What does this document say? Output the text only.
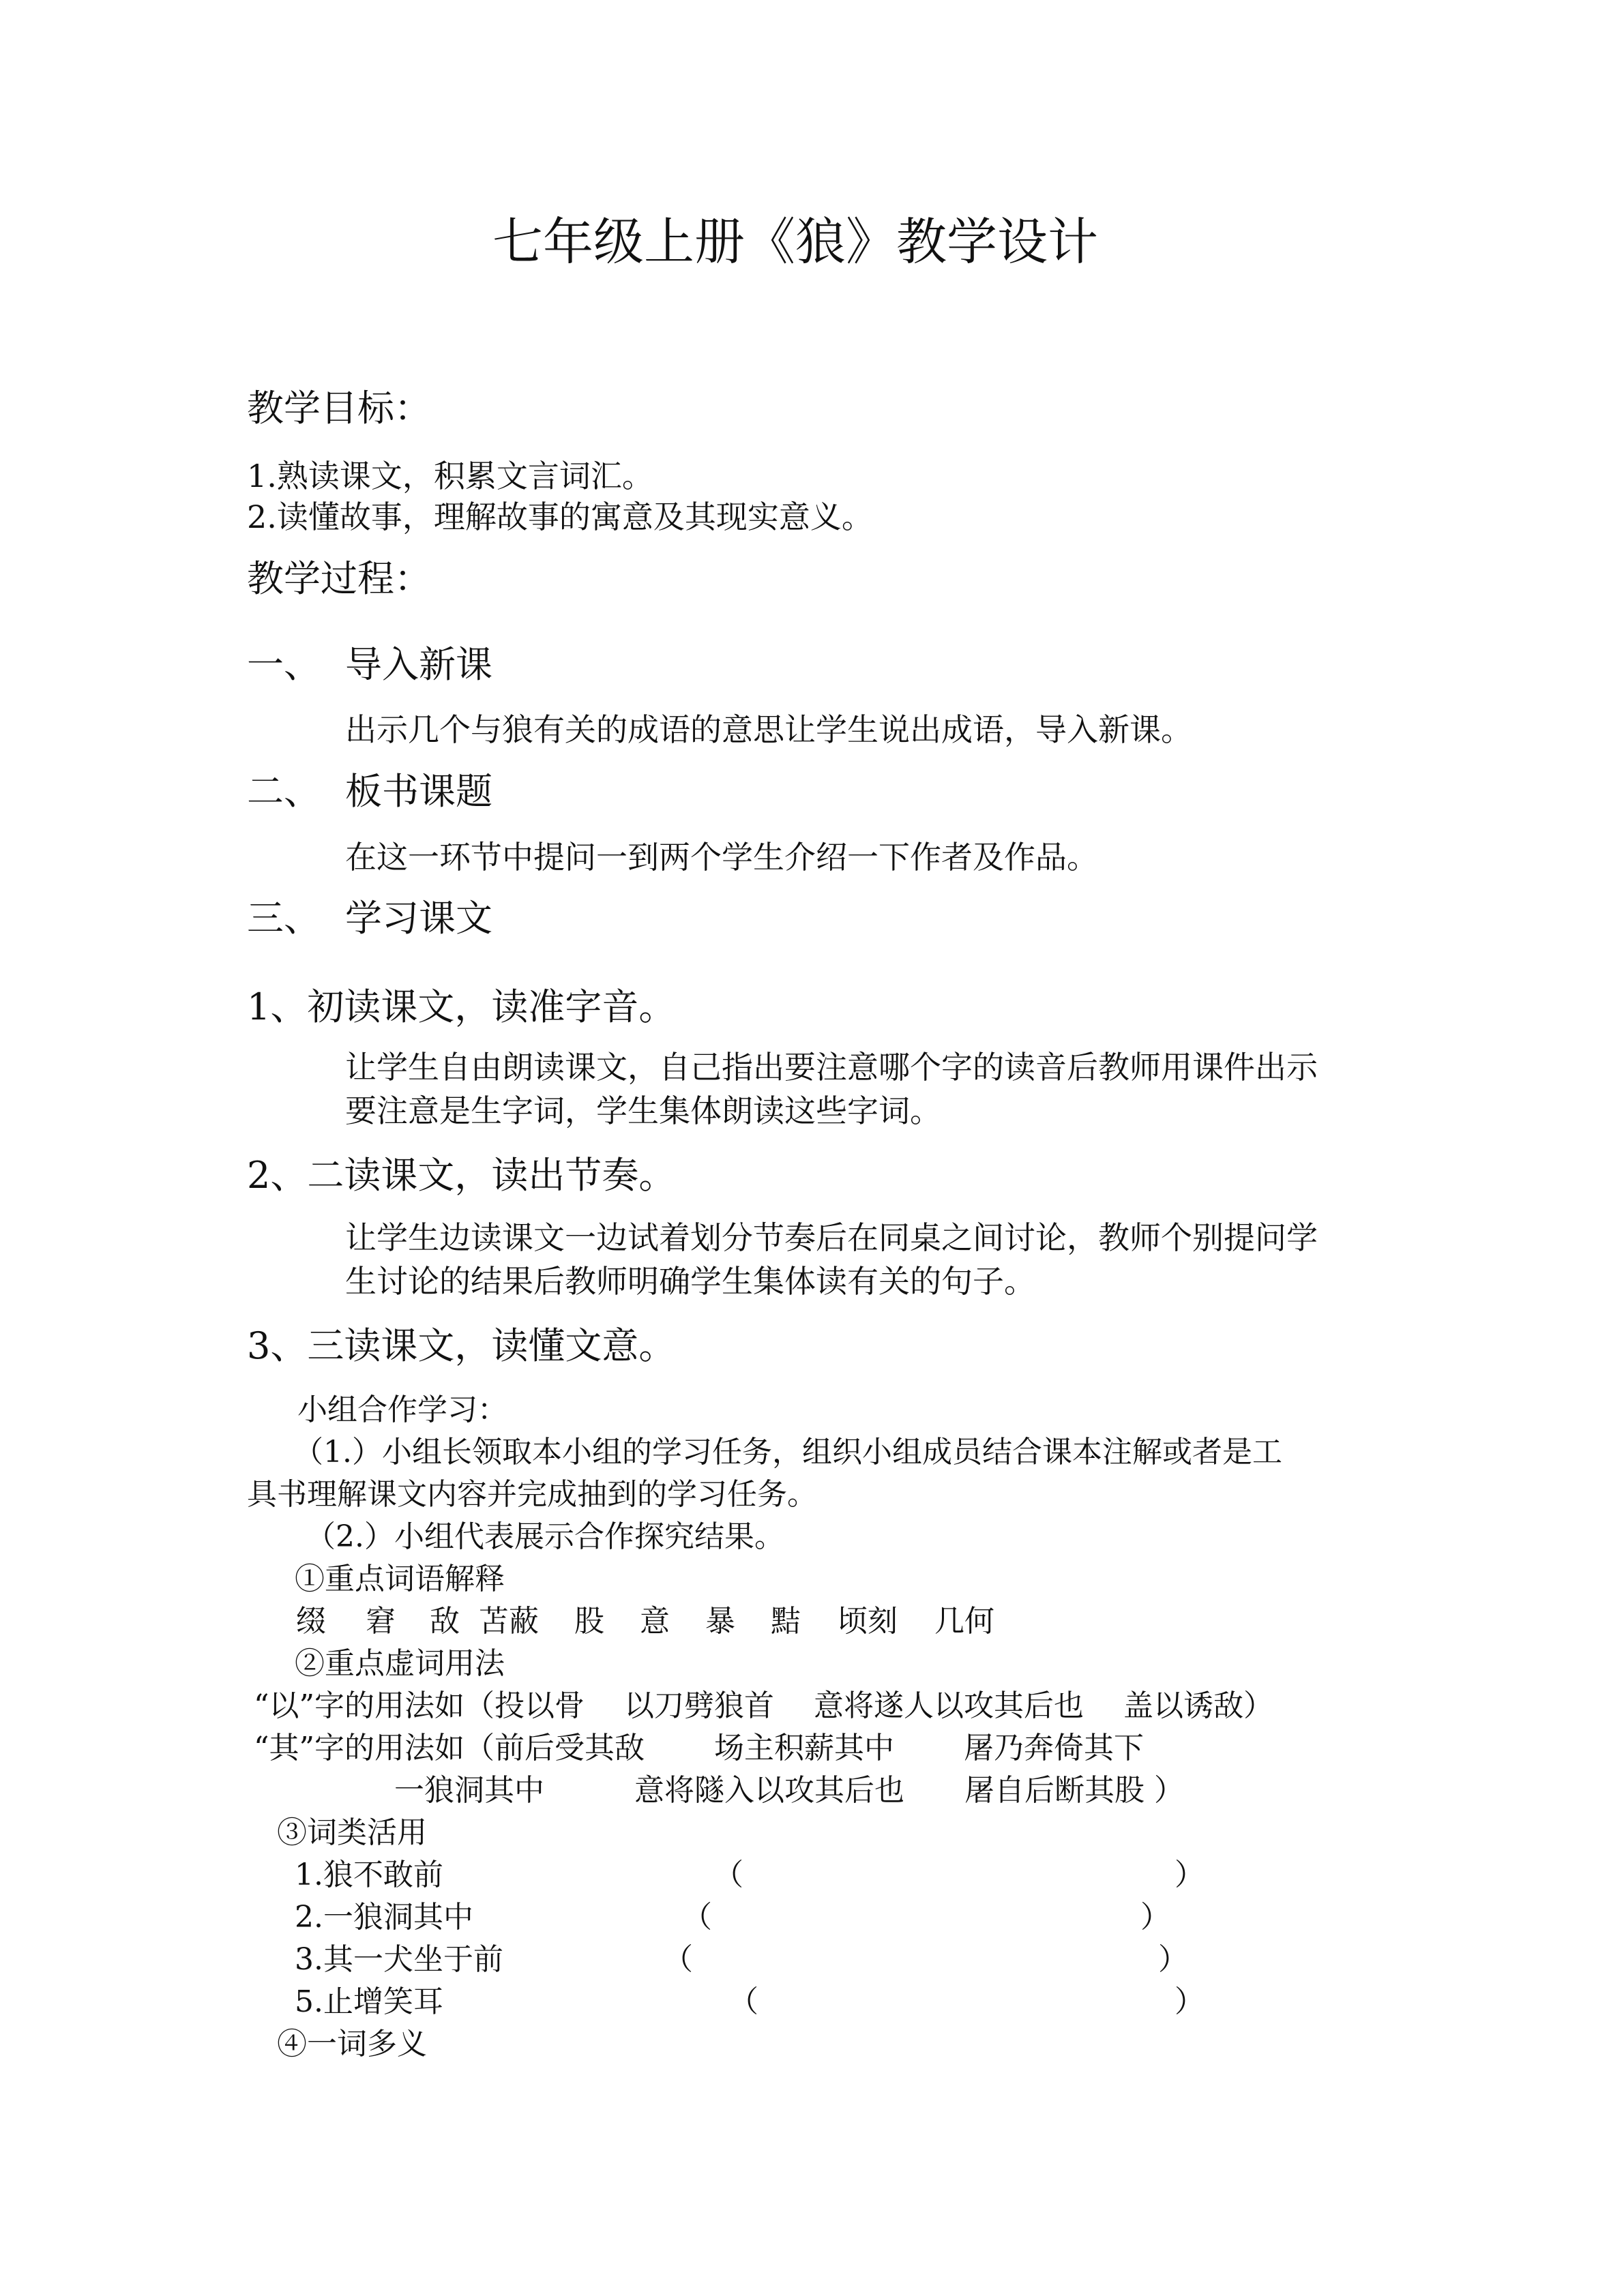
七年级上册《狼》教学设计
教学目标：
1.熟读课文，积累文言词汇。
2.读懂故事，理解故事的寓意及其现实意义。
教学过程：
一、 导入新课
出示几个与狼有关的成语的意思让学生说出成语，导入新课。
二、 板书课题
在这一环节中提问一到两个学生介绍一下作者及作品。
三、 学习课文
1、初读课文，读准字音。
让学生自由朗读课文，自己指出要注意哪个字的读音后教师用课件出示
要注意是生字词，学生集体朗读这些字词。
2、二读课文，读出节奏。
让学生边读课文一边试着划分节奏后在同桌之间讨论，教师个别提问学
生讨论的结果后教师明确学生集体读有关的句子。
3、三读课文，读懂文意。
小组合作学习：
（1.）小组长领取本小组的学习任务，组织小组成员结合课本注解或者是工
具书理解课文内容并完成抽到的学习任务。
（2.）小组代表展示合作探究结果。
①重点词语解释
缀 窘 敌 苫蔽 股 意 暴 黠 顷刻 几何
②重点虚词用法
“以”字的用法如（投以骨　 以刀劈狼首　 意将遂人以攻其后也　 盖以诱敌）
“其”字的用法如（前后受其敌　　 场主积薪其中　　 屠乃奔倚其下
一狼洞其中　　　意将隧入以攻其后也　　屠自后断其股 ）
③词类活用
1.狼不敢前	（	）
2.一狼洞其中	（	）
3.其一犬坐于前	（	）
5.止增笑耳	（	）
④一词多义
